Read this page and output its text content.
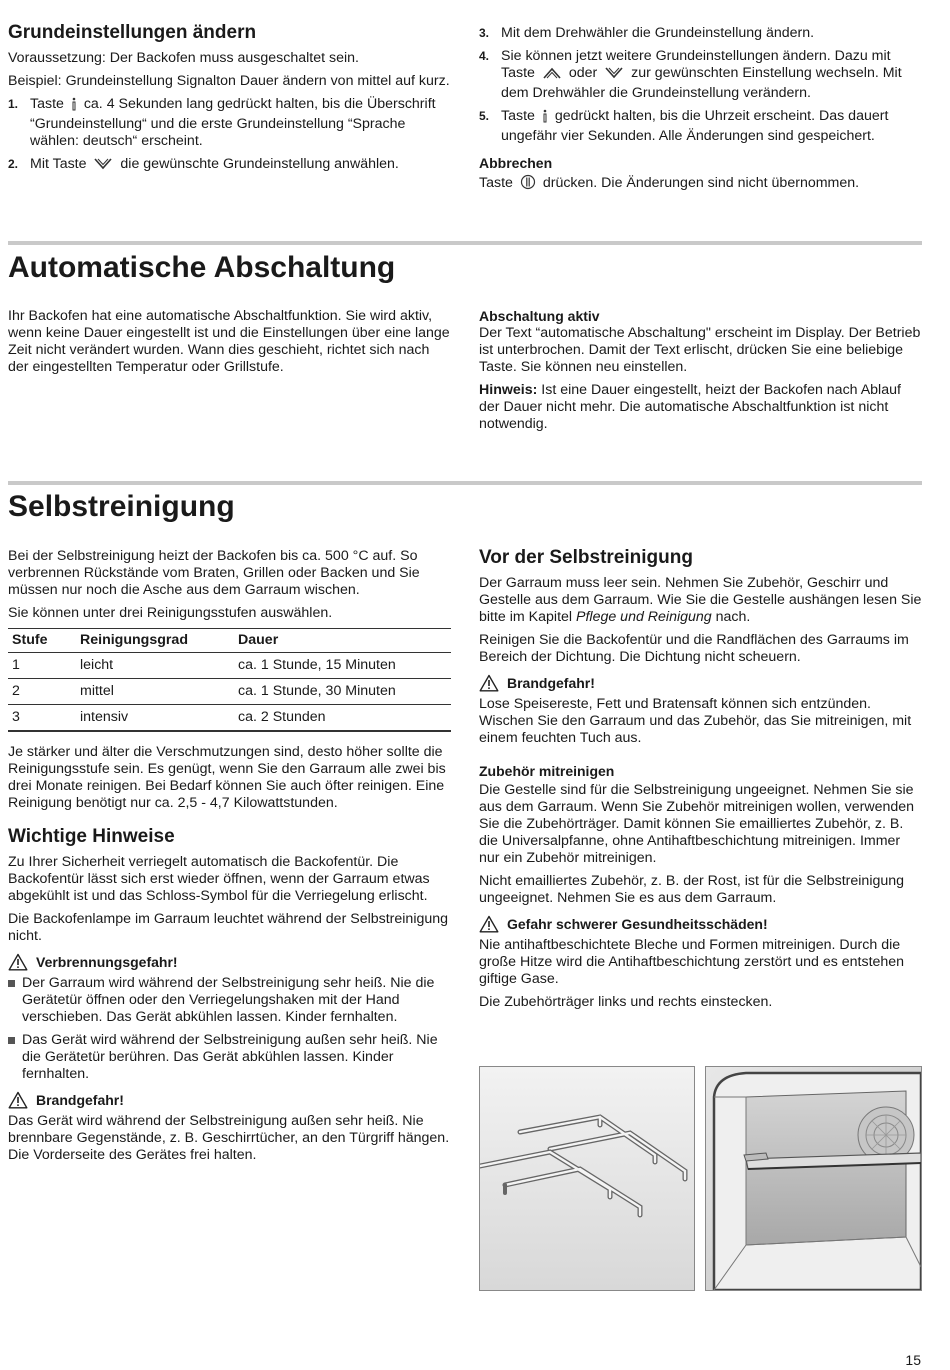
Grundeinstellungen ändern

Voraussetzung: Der Backofen muss ausgeschaltet sein.

Beispiel: Grundeinstellung Signalton Dauer ändern von mittel auf kurz.

1. Taste ca. 4 Sekunden lang gedrückt halten, bis die Überschrift “Grundeinstellung“ und die erste Grundeinstellung “Sprache wählen: deutsch“ erscheint.
2. Mit Taste die gewünschte Grundeinstellung anwählen.
3. Mit dem Drehwähler die Grundeinstellung ändern.
4. Sie können jetzt weitere Grundeinstellungen ändern. Dazu mit Taste oder zur gewünschten Einstellung wechseln. Mit dem Drehwähler die Grundeinstellung verändern.
5. Taste gedrückt halten, bis die Uhrzeit erscheint. Das dauert ungefähr vier Sekunden. Alle Änderungen sind gespeichert.
Abbrechen

Taste drücken. Die Änderungen sind nicht übernommen.

Automatische Abschaltung

Ihr Backofen hat eine automatische Abschaltfunktion. Sie wird aktiv, wenn keine Dauer eingestellt ist und die Einstellungen über eine lange Zeit nicht verändert wurden. Wann dies geschieht, richtet sich nach der eingestellten Temperatur oder Grillstufe.

Abschaltung aktiv

Der Text “automatische Abschaltung" erscheint im Display. Der Betrieb ist unterbrochen. Damit der Text erlischt, drücken Sie eine beliebige Taste. Sie können neu einstellen.

Hinweis: Ist eine Dauer eingestellt, heizt der Backofen nach Ablauf der Dauer nicht mehr. Die automatische Abschaltfunktion ist nicht notwendig.

Selbstreinigung

Bei der Selbstreinigung heizt der Backofen bis ca. 500 °C auf. So verbrennen Rückstände vom Braten, Grillen oder Backen und Sie müssen nur noch die Asche aus dem Garraum wischen.

Sie können unter drei Reinigungsstufen auswählen.

Stufe	Reinigungsgrad	Dauer
1	leicht	ca. 1 Stunde, 15 Minuten
2	mittel	ca. 1 Stunde, 30 Minuten
3	intensiv	ca. 2 Stunden

Je stärker und älter die Verschmutzungen sind, desto höher sollte die Reinigungsstufe sein. Es genügt, wenn Sie den Garraum alle zwei bis drei Monate reinigen. Bei Bedarf können Sie auch öfter reinigen. Eine Reinigung benötigt nur ca. 2,5 - 4,7 Kilowattstunden.

Wichtige Hinweise

Zu Ihrer Sicherheit verriegelt automatisch die Backofentür. Die Backofentür lässt sich erst wieder öffnen, wenn der Garraum etwas abgekühlt ist und das Schloss-Symbol für die Verriegelung erlischt.

Die Backofenlampe im Garraum leuchtet während der Selbstreinigung nicht.

Verbrennungsgefahr!
Der Garraum wird während der Selbstreinigung sehr heiß. Nie die Gerätetür öffnen oder den Verriegelungshaken mit der Hand verschieben. Das Gerät abkühlen lassen. Kinder fernhalten.
Das Gerät wird während der Selbstreinigung außen sehr heiß. Nie die Gerätetür berühren. Das Gerät abkühlen lassen. Kinder fernhalten.
Brandgefahr!

Das Gerät wird während der Selbstreinigung außen sehr heiß. Nie brennbare Gegenstände, z. B. Geschirrtücher, an den Türgriff hängen. Die Vorderseite des Gerätes frei halten.

Vor der Selbstreinigung

Der Garraum muss leer sein. Nehmen Sie Zubehör, Geschirr und Gestelle aus dem Garraum. Wie Sie die Gestelle aushängen lesen Sie bitte im Kapitel Pflege und Reinigung nach.

Reinigen Sie die Backofentür und die Randflächen des Garraums im Bereich der Dichtung. Die Dichtung nicht scheuern.

Brandgefahr!

Lose Speisereste, Fett und Bratensaft können sich entzünden. Wischen Sie den Garraum und das Zubehör, das Sie mitreinigen, mit einem feuchten Tuch aus.

Zubehör mitreinigen

Die Gestelle sind für die Selbstreinigung ungeeignet. Nehmen Sie sie aus dem Garraum. Wenn Sie Zubehör mitreinigen wollen, verwenden Sie die Zubehörträger. Damit können Sie emailliertes Zubehör, z. B. die Universalpfanne, ohne Antihaftbeschichtung mitreinigen. Immer nur ein Zubehör mitreinigen.

Nicht emailliertes Zubehör, z. B. der Rost, ist für die Selbstreinigung ungeeignet. Nehmen Sie es aus dem Garraum.

Gefahr schwerer Gesundheitsschäden!

Nie antihaftbeschichtete Bleche und Formen mitreinigen. Durch die große Hitze wird die Antihaftbeschichtung zerstört und es entstehen giftige Gase.

Die Zubehörträger links und rechts einstecken.

15
